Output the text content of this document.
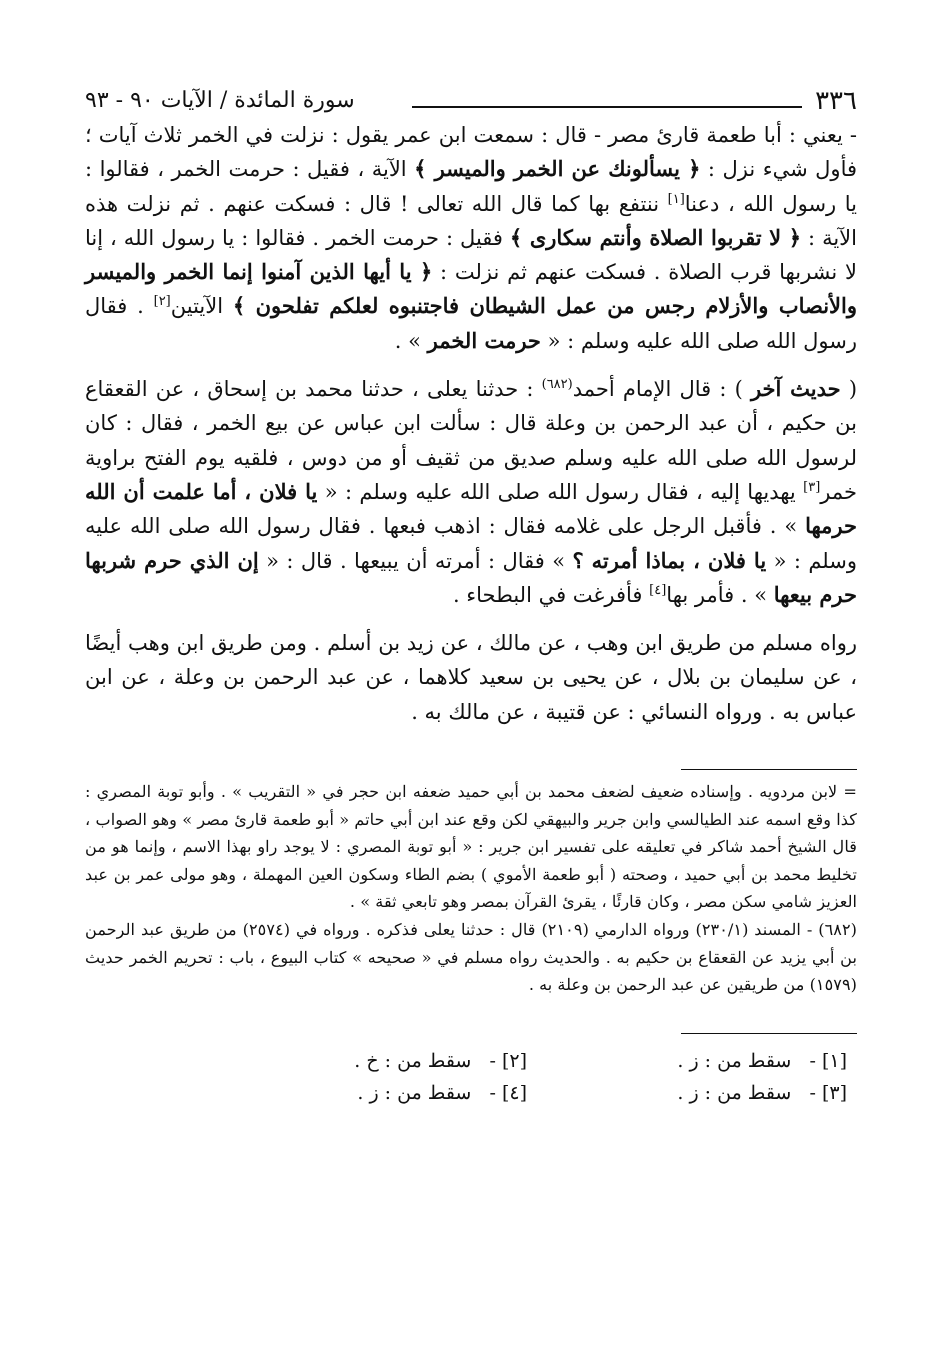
٣٣٦
سورة المائدة / الآيات ٩٠ - ٩٣

- يعني : أبا طعمة قارئ مصر - قال : سمعت ابن عمر يقول : نزلت في الخمر ثلاث آيات ؛ فأول شيء نزل : ﴿ يسألونك عن الخمر والميسر ﴾ الآية ، فقيل : حرمت الخمر ، فقالوا : يا رسول الله ، دعنا[١] ننتفع بها كما قال الله تعالى ! قال : فسكت عنهم . ثم نزلت هذه الآية : ﴿ لا تقربوا الصلاة وأنتم سكارى ﴾ فقيل : حرمت الخمر . فقالوا : يا رسول الله ، إنا لا نشربها قرب الصلاة . فسكت عنهم ثم نزلت : ﴿ يا أيها الذين آمنوا إنما الخمر والميسر والأنصاب والأزلام رجس من عمل الشيطان فاجتنبوه لعلكم تفلحون ﴾ الآيتين[٢] . فقال رسول الله صلى الله عليه وسلم : « حرمت الخمر » .

( حديث آخر ) : قال الإمام أحمد$^{(٦٨٢)}$ : حدثنا يعلى ، حدثنا محمد بن إسحاق ، عن القعقاع بن حكيم ، أن عبد الرحمن بن وعلة قال : سألت ابن عباس عن بيع الخمر ، فقال : كان لرسول الله صلى الله عليه وسلم صديق من ثقيف أو من دوس ، فلقيه يوم الفتح براوية خمر[٣] يهديها إليه ، فقال رسول الله صلى الله عليه وسلم : « يا فلان ، أما علمت أن الله حرمها » . فأقبل الرجل على غلامه فقال : اذهب فبعها . فقال رسول الله صلى الله عليه وسلم : « يا فلان ، بماذا أمرته ؟ » فقال : أمرته أن يبيعها . قال : « إن الذي حرم شربها حرم بيعها » . فأمر بها[٤] فأفرغت في البطحاء .

رواه مسلم من طريق ابن وهب ، عن مالك ، عن زيد بن أسلم . ومن طريق ابن وهب أيضًا ، عن سليمان بن بلال ، عن يحيى بن سعيد كلاهما ، عن عبد الرحمن بن وعلة ، عن ابن عباس به . ورواه النسائي : عن قتيبة ، عن مالك به .

= لابن مردويه . وإسناده ضعيف لضعف محمد بن أبي حميد ضعفه ابن حجر في « التقريب » . وأبو توبة المصري : كذا وقع اسمه عند الطيالسي وابن جرير والبيهقي لكن وقع عند ابن أبي حاتم « أبو طعمة قارئ مصر » وهو الصواب ، قال الشيخ أحمد شاكر في تعليقه على تفسير ابن جرير : « أبو توبة المصري : لا يوجد راو بهذا الاسم ، وإنما هو من تخليط محمد بن أبي حميد ، وصحته ( أبو طعمة الأموي ) بضم الطاء وسكون العين المهملة ، وهو مولى عمر بن عبد العزيز شامي سكن مصر ، وكان قارئًا ، يقرئ القرآن بمصر وهو تابعي ثقة » .

(٦٨٢) - المسند (٢٣٠/١) ورواه الدارمي (٢١٠٩) قال : حدثنا يعلى فذكره . ورواه في (٢٥٧٤) من طريق عبد الرحمن بن أبي يزيد عن القعقاع بن حكيم به . والحديث رواه مسلم في « صحيحه » كتاب البيوع ، باب : تحريم الخمر حديث (١٥٧٩) من طريقين عن عبد الرحمن بن وعلة به .

[١] -   سقط من : ز .
[٢] -   سقط من : خ .
[٣] -   سقط من : ز .
[٤] -   سقط من : ز .
